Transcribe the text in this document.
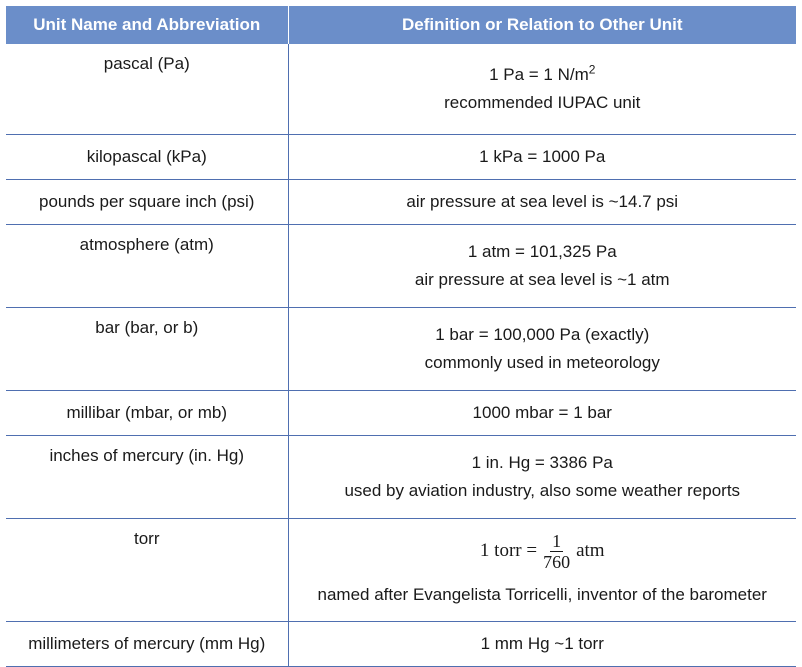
Unit Name and Abbreviation	Definition or Relation to Other Unit
pascal (Pa)	1 Pa = 1 $N/m^2$
recommended IUPAC unit

kilopascal (kPa)	1 kPa = 1000 Pa

pounds per square inch (psi)	air pressure at sea level is ~14.7 psi

atmosphere (atm)	1 atm = 101,325 Pa
air pressure at sea level is ~1 atm

bar (bar, or b)	1 bar = 100,000 Pa (exactly)
commonly used in meteorology

millibar (mbar, or mb)	1000 mbar = 1 bar

inches of mercury (in. Hg)	1 in. Hg = 3386 Pa
used by aviation industry, also some weather reports

torr	1 torr = $\frac{1}{760}$ atm
named after Evangelista Torricelli, inventor of the barometer

millimeters of mercury (mm Hg)	1 mm Hg ~1 torr
